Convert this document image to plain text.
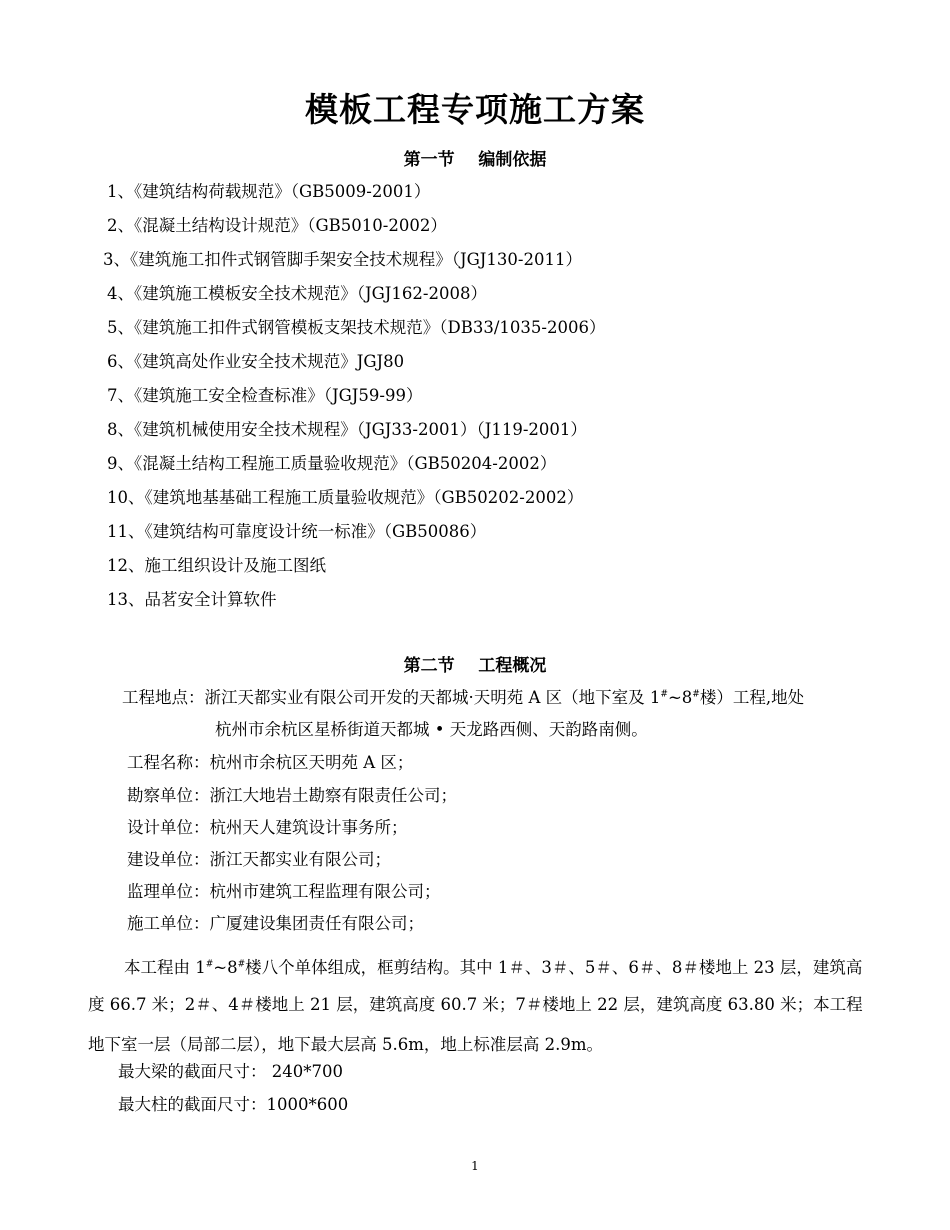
模板工程专项施工方案
第一节    编制依据
1、《建筑结构荷载规范》（GB5009-2001）
2、《混凝土结构设计规范》（GB5010-2002）
3、《建筑施工扣件式钢管脚手架安全技术规程》（JGJ130-2011）
4、《建筑施工模板安全技术规范》（JGJ162-2008）
5、《建筑施工扣件式钢管模板支架技术规范》（DB33/1035-2006）
6、《建筑高处作业安全技术规范》JGJ80
7、《建筑施工安全检查标准》（JGJ59-99）
8、《建筑机械使用安全技术规程》（JGJ33-2001）（J119-2001）
9、《混凝土结构工程施工质量验收规范》（GB50204-2002）
10、《建筑地基基础工程施工质量验收规范》（GB50202-2002）
11、《建筑结构可靠度设计统一标准》（GB50086）
12、施工组织设计及施工图纸
13、品茗安全计算软件
第二节    工程概况
工程地点：浙江天都实业有限公司开发的天都城·天明苑 A 区（地下室及 1#~8#楼）工程,地处
杭州市余杭区星桥街道天都城 • 天龙路西侧、天韵路南侧。
工程名称：杭州市余杭区天明苑 A 区；
勘察单位：浙江大地岩土勘察有限责任公司；
设计单位：杭州天人建筑设计事务所；
建设单位：浙江天都实业有限公司；
监理单位：杭州市建筑工程监理有限公司；
施工单位：广厦建设集团责任有限公司；
本工程由 1#~8#楼八个单体组成，框剪结构。其中 1＃、3＃、5＃、6＃、8＃楼地上 23 层，建筑高
度 66.7 米；2＃、4＃楼地上 21 层，建筑高度 60.7 米；7＃楼地上 22 层，建筑高度 63.80 米；本工程
地下室一层（局部二层），地下最大层高 5.6m，地上标准层高 2.9m。
最大梁的截面尺寸： 240*700
最大柱的截面尺寸：1000*600
1
